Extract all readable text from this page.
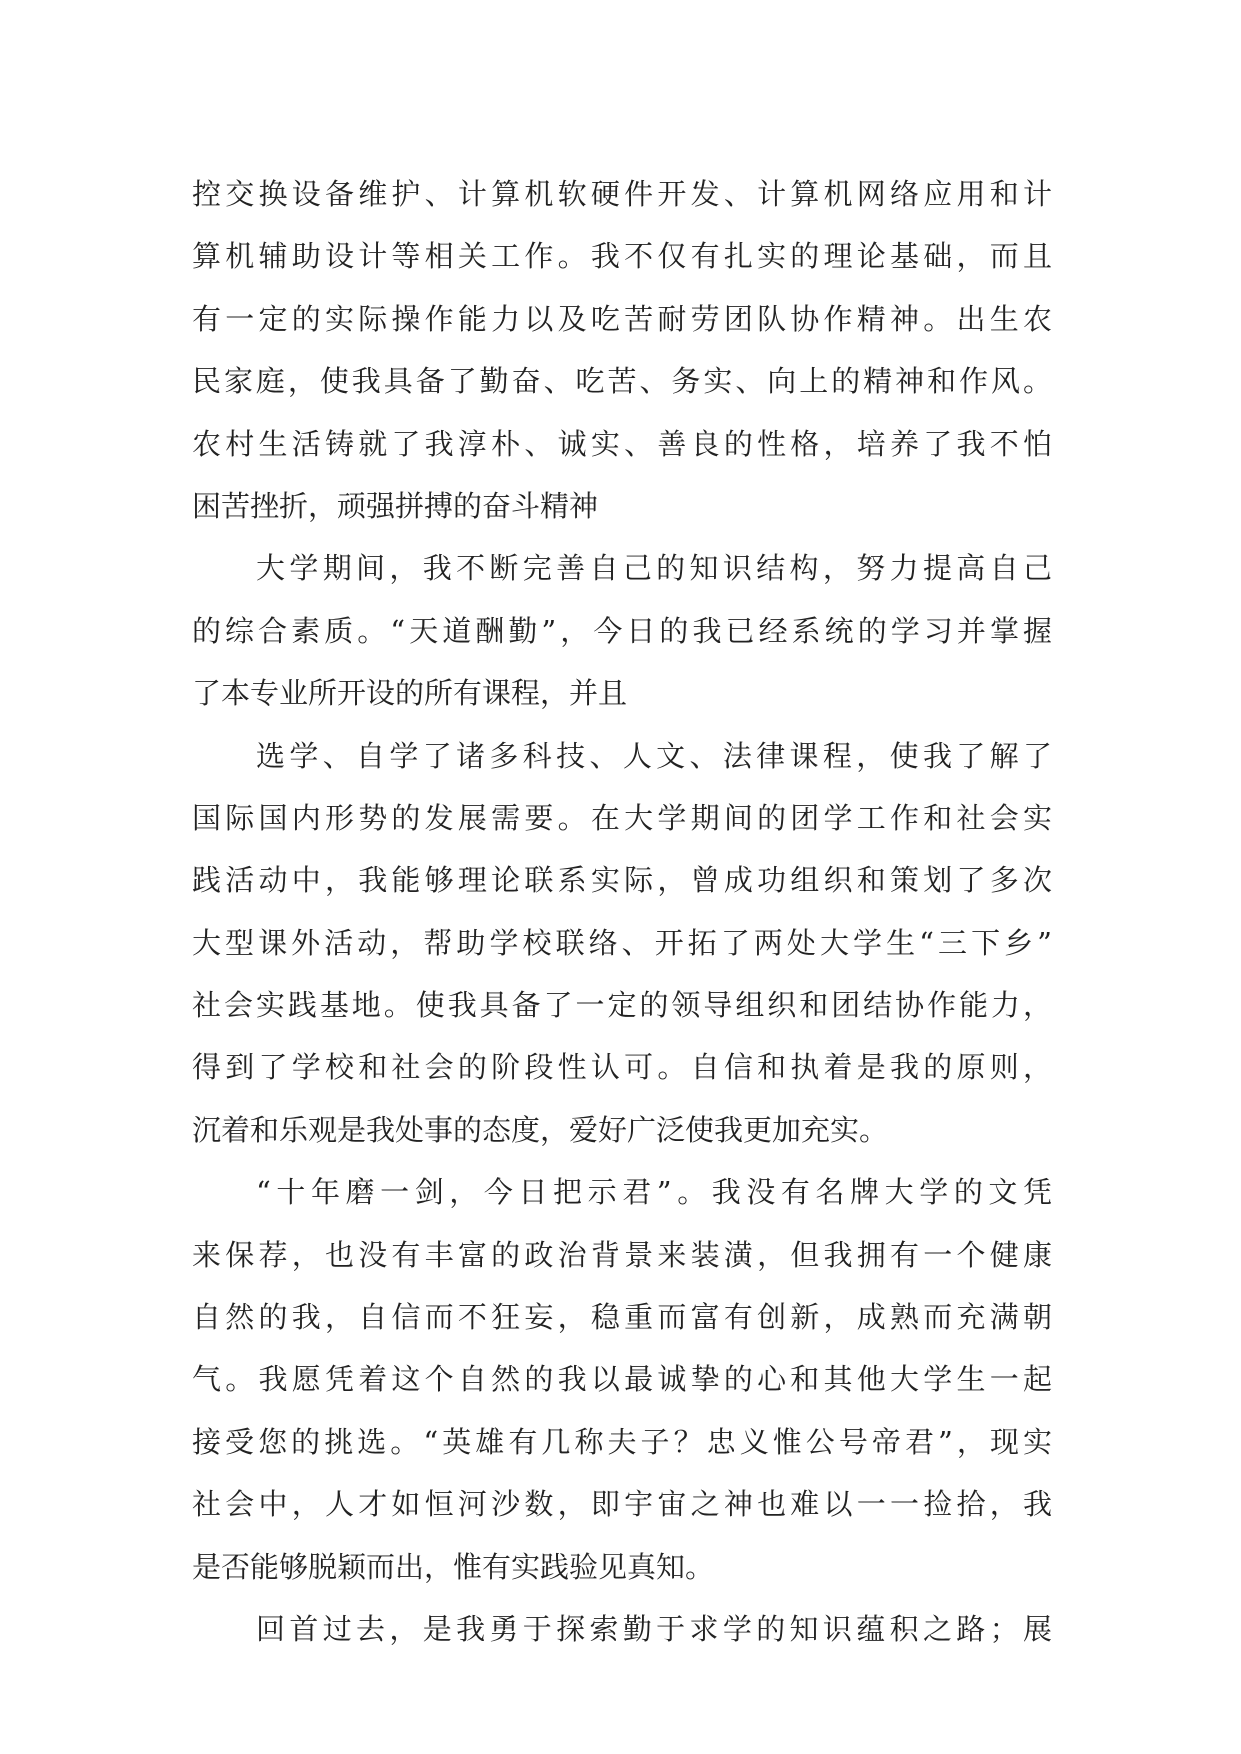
控交换设备维护、计算机软硬件开发、计算机网络应用和计
算机辅助设计等相关工作。我不仅有扎实的理论基础，而且
有一定的实际操作能力以及吃苦耐劳团队协作精神。出生农
民家庭，使我具备了勤奋、吃苦、务实、向上的精神和作风。
农村生活铸就了我淳朴、诚实、善良的性格，培养了我不怕
困苦挫折，顽强拼搏的奋斗精神
大学期间，我不断完善自己的知识结构，努力提高自己
的综合素质。“天道酬勤”，今日的我已经系统的学习并掌握
了本专业所开设的所有课程，并且
选学、自学了诸多科技、人文、法律课程，使我了解了
国际国内形势的发展需要。在大学期间的团学工作和社会实
践活动中，我能够理论联系实际，曾成功组织和策划了多次
大型课外活动，帮助学校联络、开拓了两处大学生“三下乡”
社会实践基地。使我具备了一定的领导组织和团结协作能力，
得到了学校和社会的阶段性认可。自信和执着是我的原则，
沉着和乐观是我处事的态度，爱好广泛使我更加充实。
“十年磨一剑，今日把示君”。我没有名牌大学的文凭
来保荐，也没有丰富的政治背景来装潢，但我拥有一个健康
自然的我，自信而不狂妄，稳重而富有创新，成熟而充满朝
气。我愿凭着这个自然的我以最诚挚的心和其他大学生一起
接受您的挑选。“英雄有几称夫子？忠义惟公号帝君”，现实
社会中，人才如恒河沙数，即宇宙之神也难以一一捡拾，我
是否能够脱颖而出，惟有实践验见真知。
回首过去，是我勇于探索勤于求学的知识蕴积之路；展
